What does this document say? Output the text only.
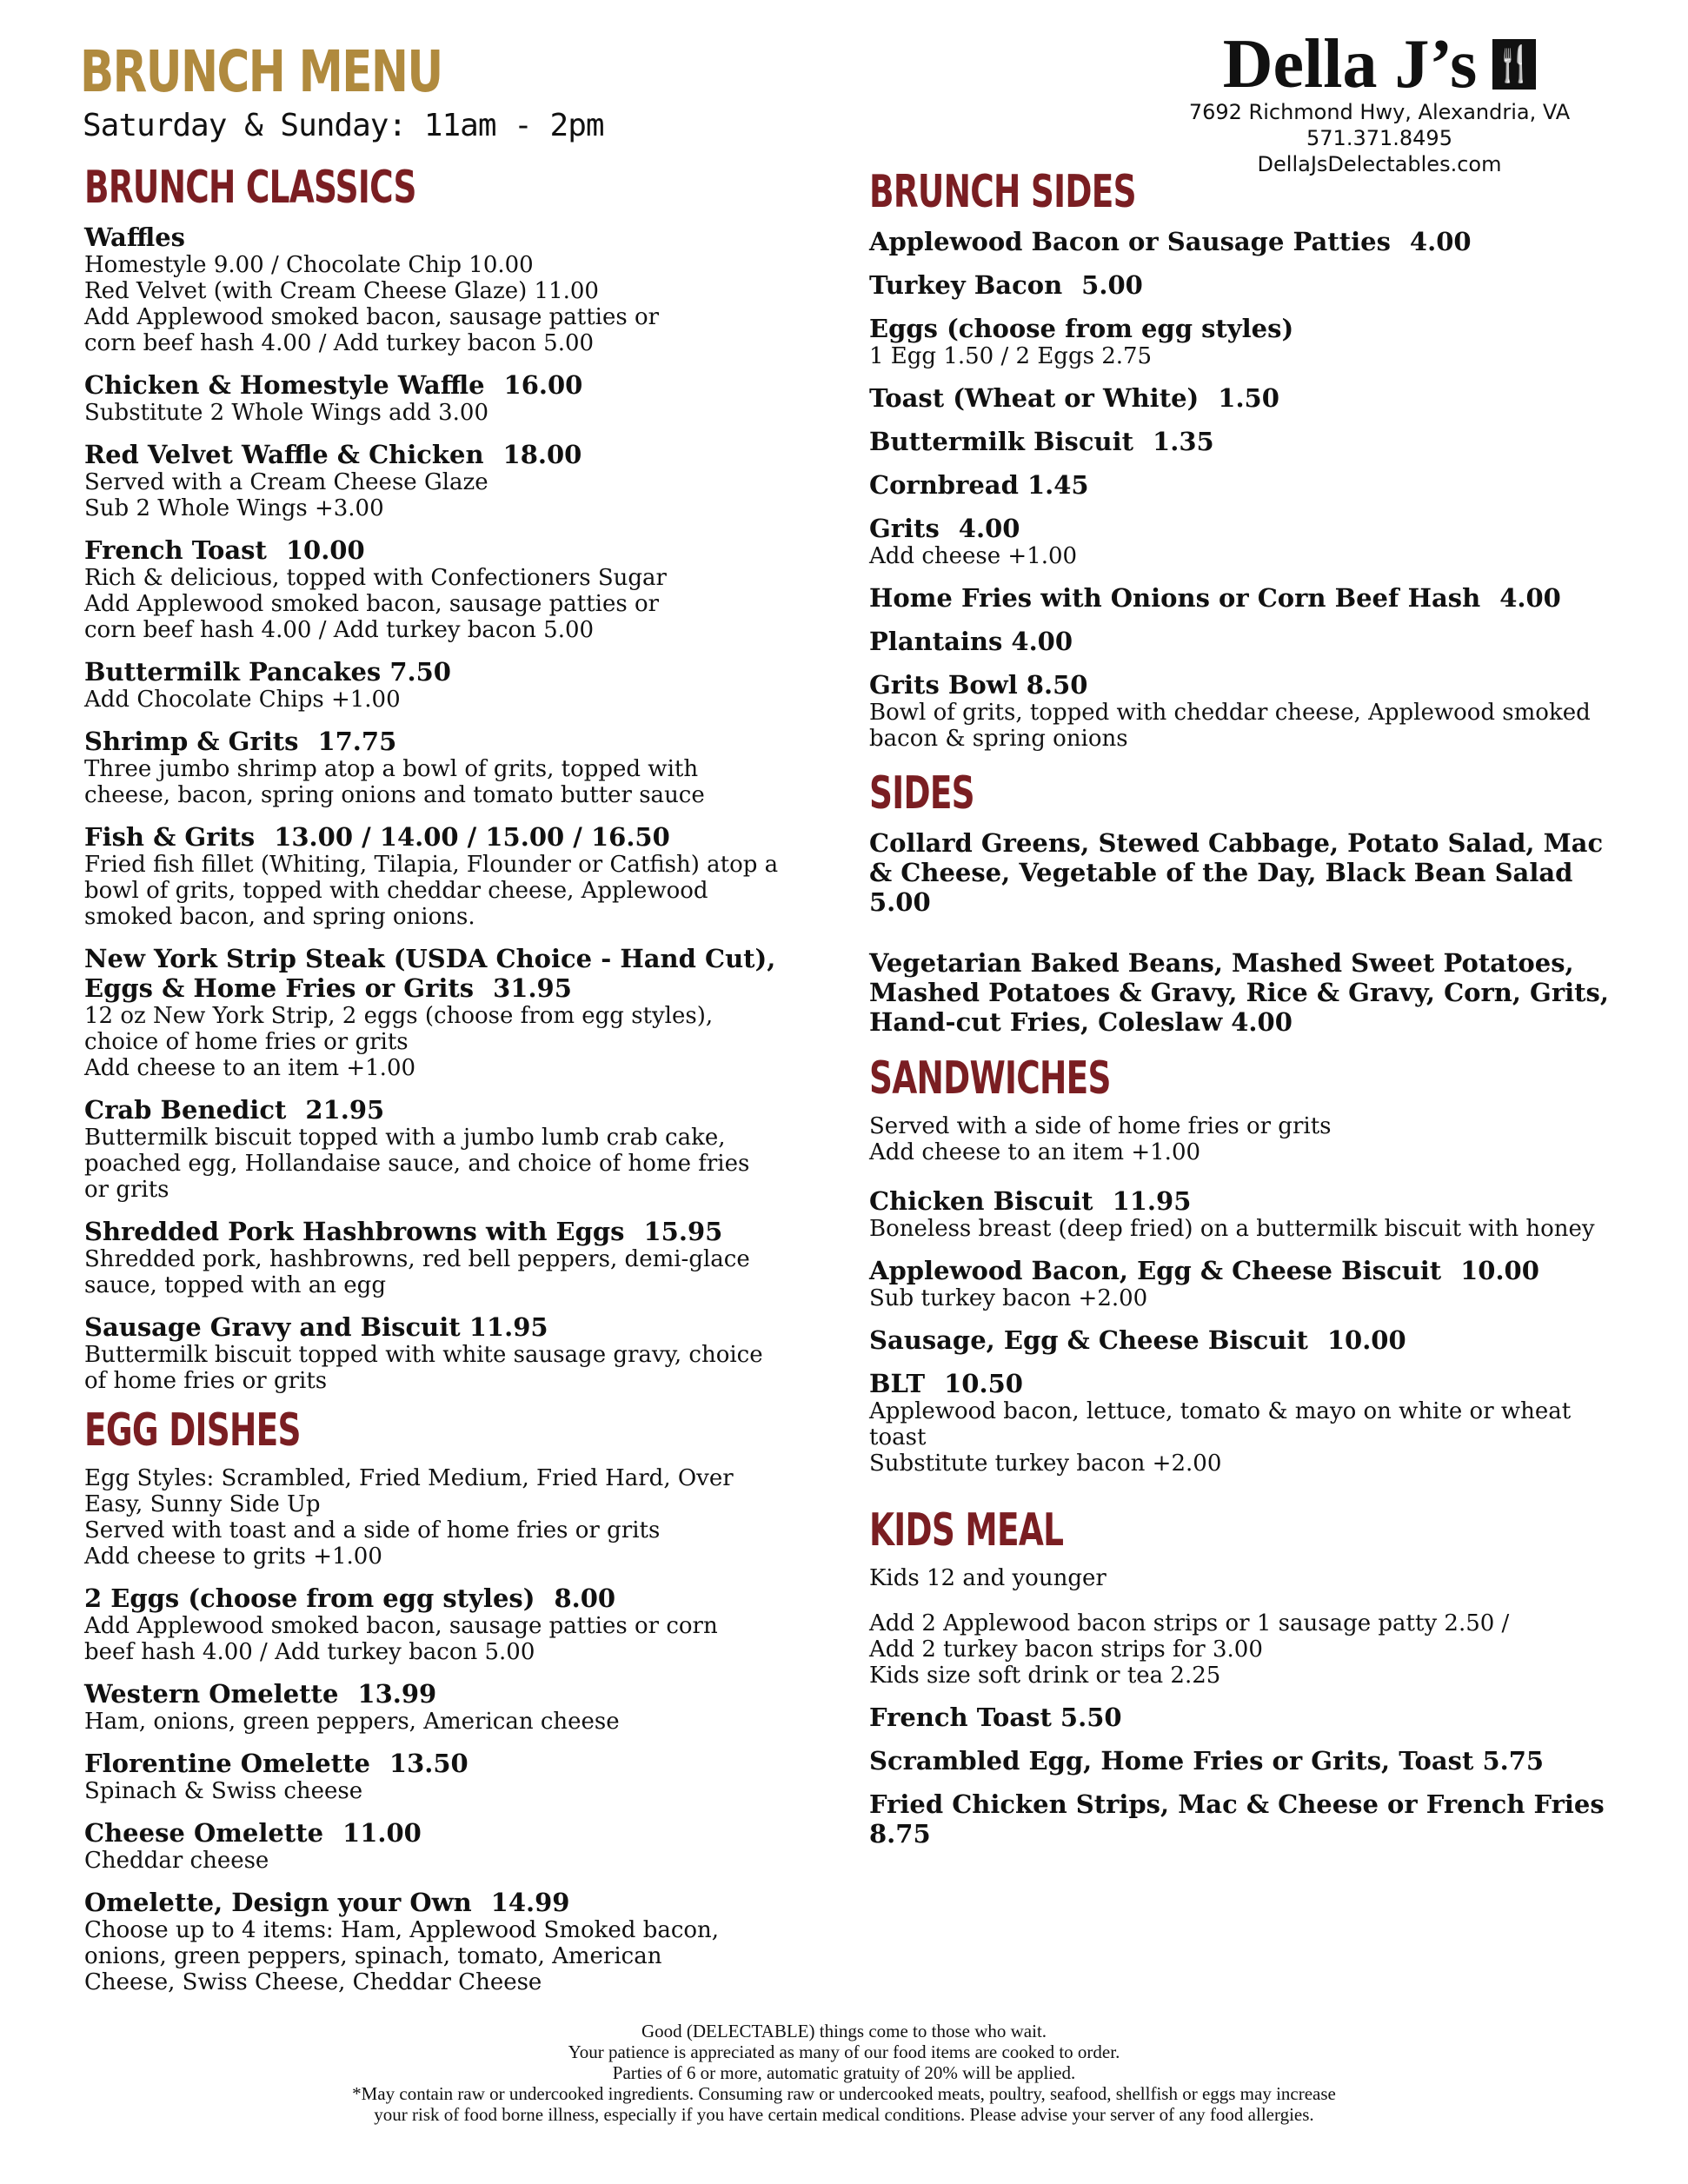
BRUNCH MENU
Saturday & Sunday: 11am - 2pm
Della J’s 🍴
7692 Richmond Hwy, Alexandria, VA
571.371.8495
DellaJsDelectables.com
BRUNCH CLASSICS
Waffles
Homestyle 9.00 / Chocolate Chip 10.00
Red Velvet (with Cream Cheese Glaze) 11.00
Add Applewood smoked bacon, sausage patties or
corn beef hash 4.00 / Add turkey bacon 5.00
Chicken & Homestyle Waffle 16.00
Substitute 2 Whole Wings add 3.00
Red Velvet Waffle & Chicken 18.00
Served with a Cream Cheese Glaze
Sub 2 Whole Wings +3.00
French Toast 10.00
Rich & delicious, topped with Confectioners Sugar
Add Applewood smoked bacon, sausage patties or
corn beef hash 4.00 / Add turkey bacon 5.00
Buttermilk Pancakes 7.50
Add Chocolate Chips +1.00
Shrimp & Grits 17.75
Three jumbo shrimp atop a bowl of grits, topped with
cheese, bacon, spring onions and tomato butter sauce
Fish & Grits 13.00 / 14.00 / 15.00 / 16.50
Fried fish fillet (Whiting, Tilapia, Flounder or Catfish) atop a
bowl of grits, topped with cheddar cheese, Applewood
smoked bacon, and spring onions.
New York Strip Steak (USDA Choice - Hand Cut), Eggs & Home Fries or Grits 31.95
12 oz New York Strip, 2 eggs (choose from egg styles),
choice of home fries or grits
Add cheese to an item +1.00
Crab Benedict 21.95
Buttermilk biscuit topped with a jumbo lumb crab cake,
poached egg, Hollandaise sauce, and choice of home fries
or grits
Shredded Pork Hashbrowns with Eggs 15.95
Shredded pork, hashbrowns, red bell peppers, demi-glace
sauce, topped with an egg
Sausage Gravy and Biscuit 11.95
Buttermilk biscuit topped with white sausage gravy, choice
of home fries or grits
EGG DISHES
Egg Styles: Scrambled, Fried Medium, Fried Hard, Over
Easy, Sunny Side Up
Served with toast and a side of home fries or grits
Add cheese to grits +1.00
2 Eggs (choose from egg styles) 8.00
Add Applewood smoked bacon, sausage patties or corn
beef hash 4.00 / Add turkey bacon 5.00
Western Omelette 13.99
Ham, onions, green peppers, American cheese
Florentine Omelette 13.50
Spinach & Swiss cheese
Cheese Omelette 11.00
Cheddar cheese
Omelette, Design your Own 14.99
Choose up to 4 items: Ham, Applewood Smoked bacon,
onions, green peppers, spinach, tomato, American
Cheese, Swiss Cheese, Cheddar Cheese
BRUNCH SIDES
Applewood Bacon or Sausage Patties 4.00
Turkey Bacon 5.00
Eggs (choose from egg styles)
1 Egg 1.50 / 2 Eggs 2.75
Toast (Wheat or White) 1.50
Buttermilk Biscuit 1.35
Cornbread 1.45
Grits 4.00
Add cheese +1.00
Home Fries with Onions or Corn Beef Hash 4.00
Plantains 4.00
Grits Bowl 8.50
Bowl of grits, topped with cheddar cheese, Applewood smoked
bacon & spring onions
SIDES
Collard Greens, Stewed Cabbage, Potato Salad, Mac & Cheese, Vegetable of the Day, Black Bean Salad 5.00
Vegetarian Baked Beans, Mashed Sweet Potatoes, Mashed Potatoes & Gravy, Rice & Gravy, Corn, Grits, Hand-cut Fries, Coleslaw 4.00
SANDWICHES
Served with a side of home fries or grits
Add cheese to an item +1.00
Chicken Biscuit 11.95
Boneless breast (deep fried) on a buttermilk biscuit with honey
Applewood Bacon, Egg & Cheese Biscuit 10.00
Sub turkey bacon +2.00
Sausage, Egg & Cheese Biscuit 10.00
BLT 10.50
Applewood bacon, lettuce, tomato & mayo on white or wheat toast
Substitute turkey bacon +2.00
KIDS MEAL
Kids 12 and younger
Add 2 Applewood bacon strips or 1 sausage patty 2.50 /
Add 2 turkey bacon strips for 3.00
Kids size soft drink or tea 2.25
French Toast 5.50
Scrambled Egg, Home Fries or Grits, Toast 5.75
Fried Chicken Strips, Mac & Cheese or French Fries 8.75
Good (DELECTABLE) things come to those who wait.
Your patience is appreciated as many of our food items are cooked to order.
Parties of 6 or more, automatic gratuity of 20% will be applied.
*May contain raw or undercooked ingredients. Consuming raw or undercooked meats, poultry, seafood, shellfish or eggs may increase
your risk of food borne illness, especially if you have certain medical conditions. Please advise your server of any food allergies.
